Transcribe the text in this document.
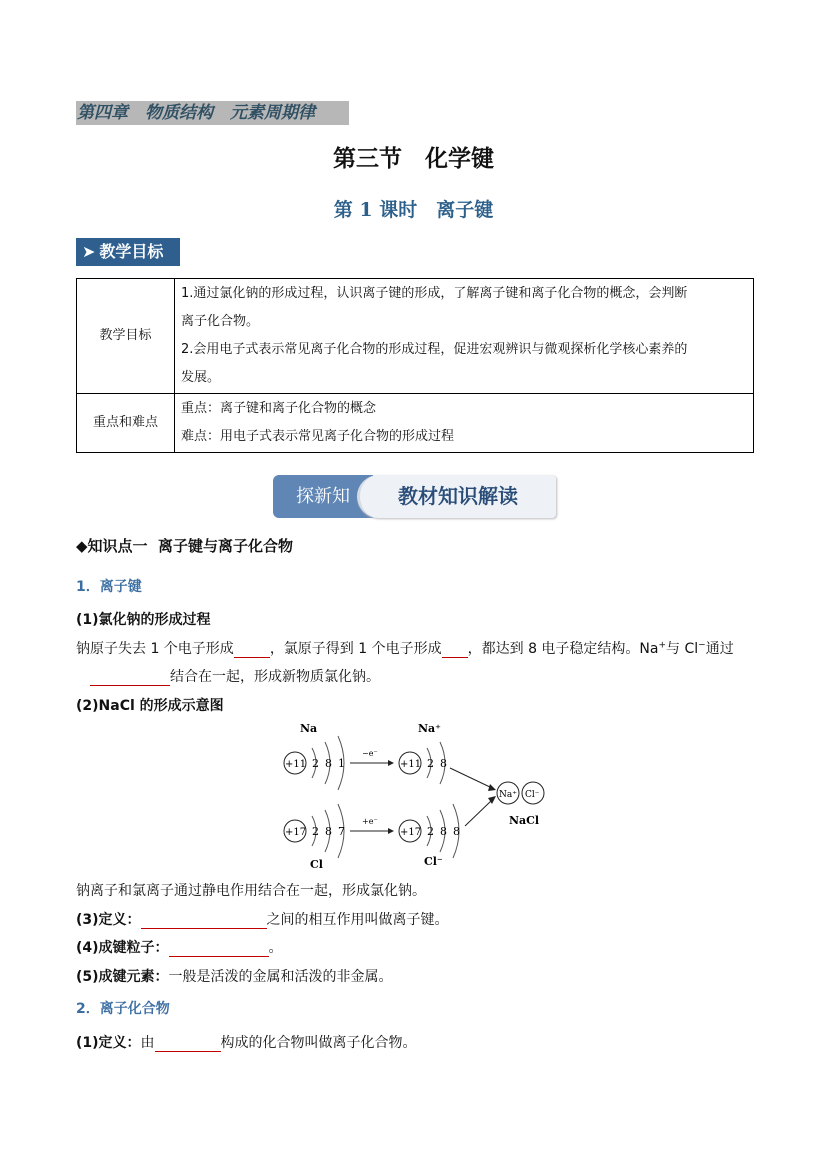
第四章　物质结构　元素周期律
第三节　化学键
第 1 课时　离子键
➤ 教学目标
教学目标	1.通过氯化钠的形成过程，认识离子键的形成，了解离子键和离子化合物的概念，会判断

离子化合物。

2.会用电子式表示常见离子化合物的形成过程，促进宏观辨识与微观探析化学核心素养的

发展。

重点和难点	重点：离子键和离子化合物的概念

难点：用电子式表示常见离子化合物的形成过程

探新知	教材知识解读
◆知识点一  离子键与离子化合物
1．离子键
(1)氯化钠的形成过程
钠原子失去 1 个电子形成	，氯原子得到 1 个电子形成 ，都达到 8 电子稳定结构。Na+与 Cl−通过
结合在一起，形成新物质氯化钠。
(2)NaCl 的形成示意图
Na	Na⁺
+11 2 8 1
−e⁻
+11 2 8
+17 2 8 7
Cl
+e⁻
+17 2 8 8
Cl⁻
Na⁺ Cl⁻
NaCl
钠离子和氯离子通过静电作用结合在一起，形成氯化钠。
(3)定义：	之间的相互作用叫做离子键。
(4)成键粒子：	。
(5)成键元素：一般是活泼的金属和活泼的非金属。
2．离子化合物
(1)定义：由	构成的化合物叫做离子化合物。
